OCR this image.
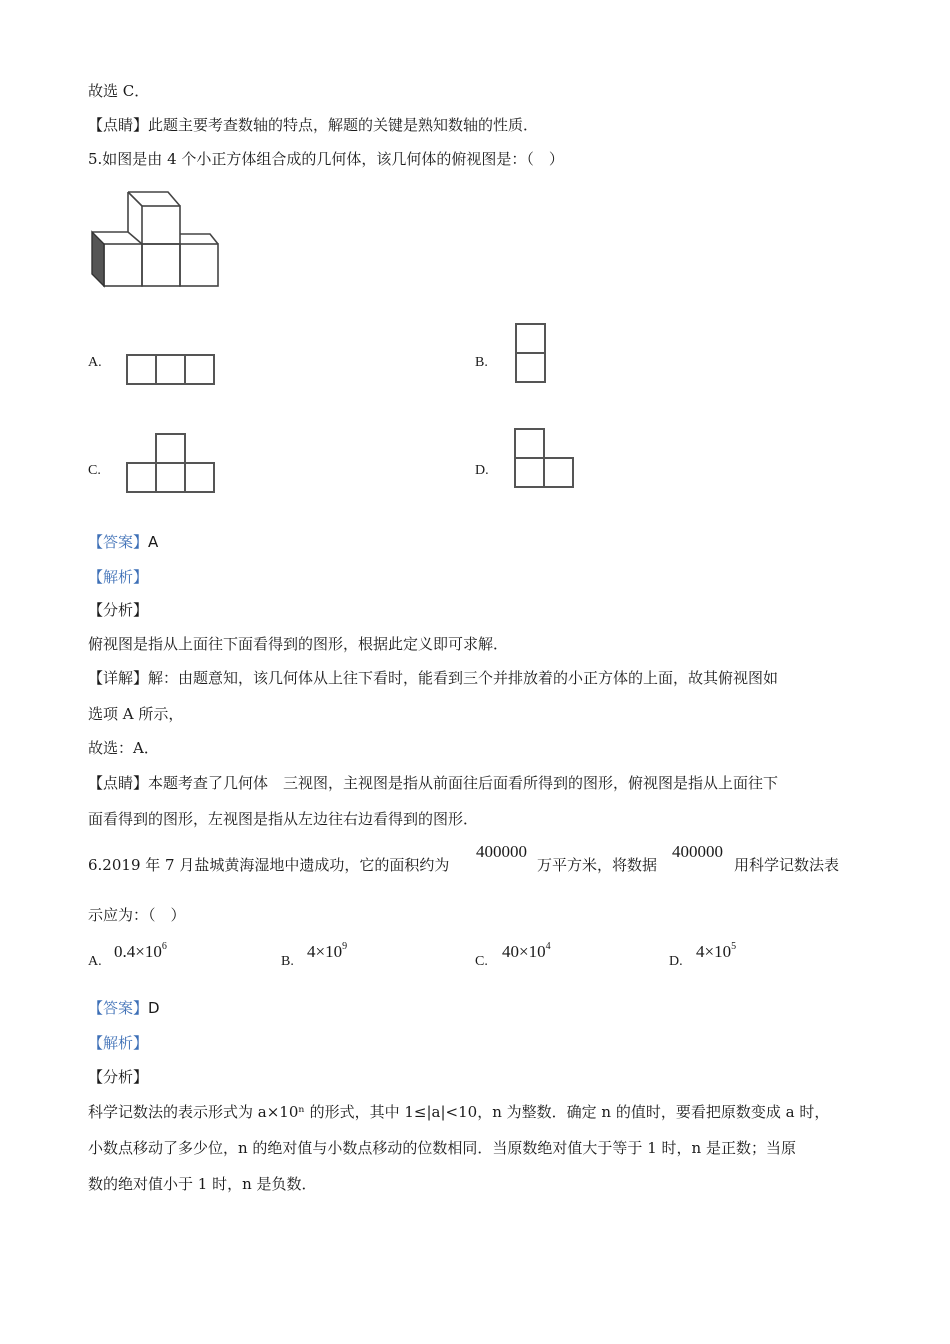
故选 C．
【点睛】此题主要考查数轴的特点，解题的关键是熟知数轴的性质．
5.如图是由 4 个小正方体组合成的几何体，该几何体的俯视图是：（　）
A.	B.
C.	D.
【答案】A
【解析】
【分析】
俯视图是指从上面往下面看得到的图形，根据此定义即可求解．
【详解】解：由题意知，该几何体从上往下看时，能看到三个并排放着的小正方体的上面，故其俯视图如
选项 A 所示，
故选：A．
【点睛】本题考查了几何体　三视图，主视图是指从前面往后面看所得到的图形，俯视图是指从上面往下
面看得到的图形，左视图是指从左边往右边看得到的图形．
6.2019 年 7 月盐城黄海湿地中遗成功，它的面积约为
400000
万平方米，将数据
400000
用科学记数法表
示应为：（　）
A.
$0.4\times 10^6$
B.
$4\times 10^9$
C.
$40\times 10^4$
D.
$4\times 10^5$
【答案】D
【解析】
【分析】
科学记数法的表示形式为 a×10ⁿ 的形式，其中 1≤|a|<10，n 为整数．确定 n 的值时，要看把原数变成 a 时，
小数点移动了多少位，n 的绝对值与小数点移动的位数相同．当原数绝对值大于等于 1 时，n 是正数；当原
数的绝对值小于 1 时，n 是负数．
